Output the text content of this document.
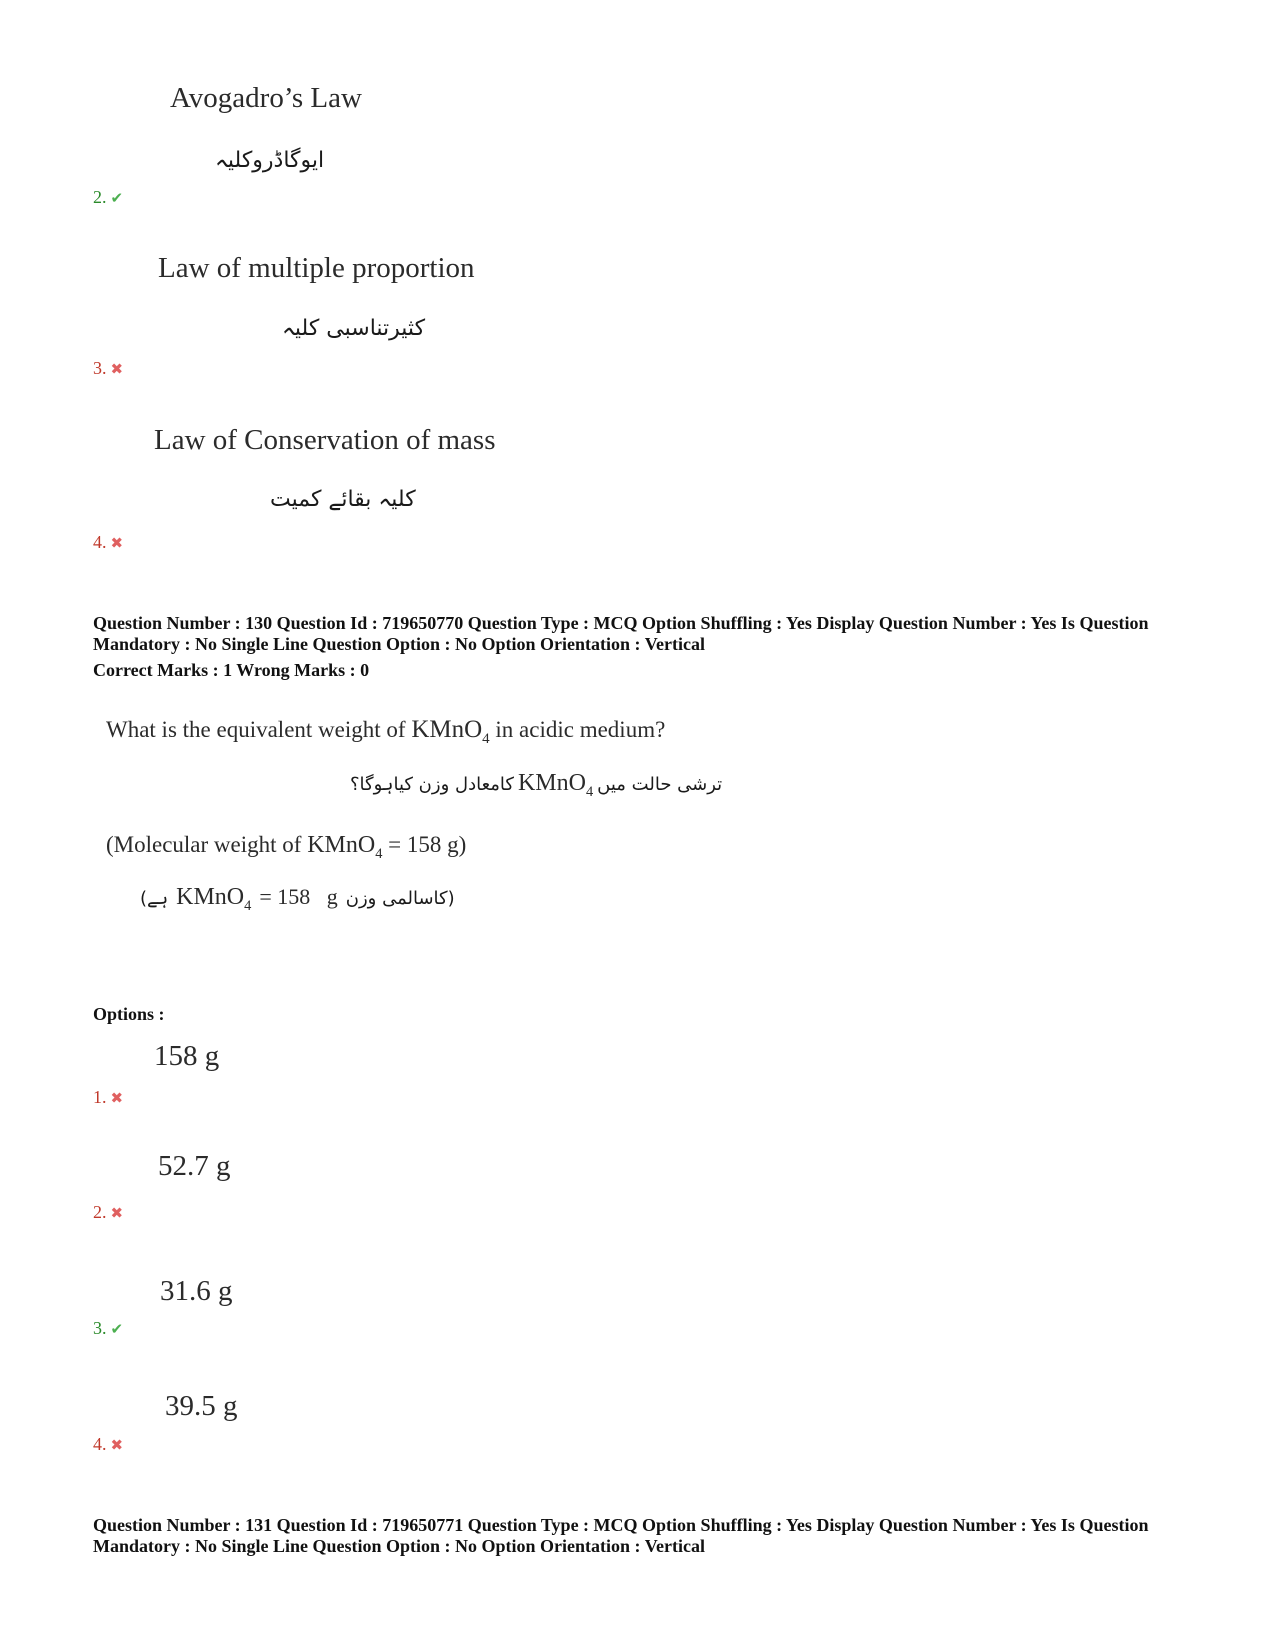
Avogadro’s Law
ایوگاڈروکلیہ
2. ✔
Law of multiple proportion
کثیرتناسبی کلیہ
3. ✖
Law of Conservation of mass
کلیہ بقائے کمیت
4. ✖
Question Number : 130 Question Id : 719650770 Question Type : MCQ Option Shuffling : Yes Display Question Number : Yes Is Question Mandatory : No Single Line Question Option : No Option Orientation : Vertical
Correct Marks : 1 Wrong Marks : 0
What is the equivalent weight of KMnO$_4$ in acidic medium?
کامعادل وزن کیاہوگا؟ KMnO$_4$ ترشی حالت میں
(Molecular weight of KMnO$_4$ = 158 g)
ہے) KMnO$_4$ = 158   g (کاسالمی وزن
Options :
158 g
1. ✖
52.7 g
2. ✖
31.6 g
3. ✔
39.5 g
4. ✖
Question Number : 131 Question Id : 719650771 Question Type : MCQ Option Shuffling : Yes Display Question Number : Yes Is Question Mandatory : No Single Line Question Option : No Option Orientation : Vertical
